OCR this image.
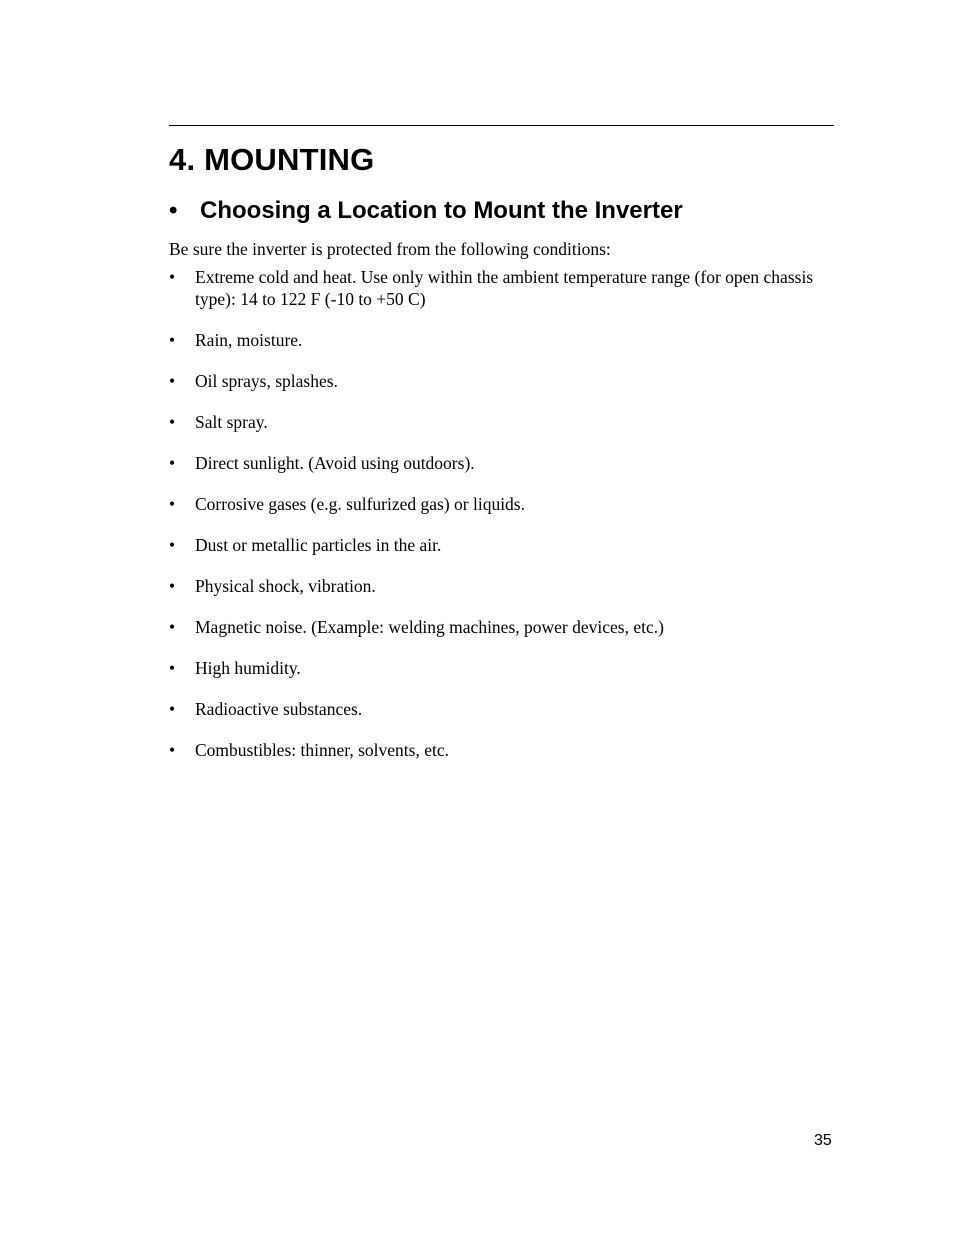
4. MOUNTING
• Choosing a Location to Mount the Inverter

Be sure the inverter is protected from the following conditions:

• Extreme cold and heat. Use only within the ambient temperature range (for open chassis type): 14 to 122 F (-10 to +50 C)
• Rain, moisture.
• Oil sprays, splashes.
• Salt spray.
• Direct sunlight. (Avoid using outdoors).
• Corrosive gases (e.g. sulfurized gas) or liquids.
• Dust or metallic particles in the air.
• Physical shock, vibration.
• Magnetic noise. (Example: welding machines, power devices, etc.)
• High humidity.
• Radioactive substances.
• Combustibles: thinner, solvents, etc.
35
